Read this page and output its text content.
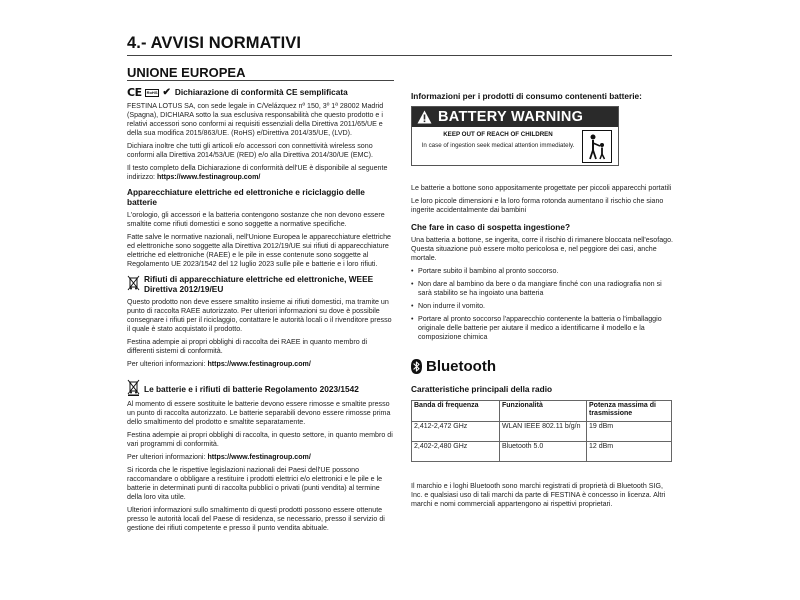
4.- AVVISI NORMATIVI
UNIONE EUROPEA
CE	RoHS ✔ Dichiarazione di conformità CE semplificata

FESTINA LOTUS SA, con sede legale in C/Velázquez nº 150, 3º 1ª 28002 Madrid (Spagna), DICHIARA sotto la sua esclusiva responsabilità che questo prodotto e i relativi accessori sono conformi ai requisiti essenziali della Direttiva 2011/65/UE e della sua modifica 2015/863/UE. (RoHS) e/Direttiva 2014/35/UE, (LVD).

Dichiara inoltre che tutti gli articoli e/o accessori con connettività wireless sono conformi alla Direttiva 2014/53/UE (RED) e/o alla Direttiva 2014/30/UE (EMC).

Il testo completo della Dichiarazione di conformità dell'UE è disponibile al seguente indirizzo: https://www.festinagroup.com/

Apparecchiature elettriche ed elettroniche e riciclaggio delle batterie

L'orologio, gli accessori e la batteria contengono sostanze che non devono essere smaltite come rifiuti domestici e sono soggette a normative specifiche.

Fatte salve le normative nazionali, nell'Unione Europea le apparecchiature elettriche ed elettroniche sono soggette alla Direttiva 2012/19/UE sui rifiuti di apparecchiature elettriche ed elettroniche (RAEE) e le pile in esse contenute sono soggette al Regolamento UE 2023/1542 del 12 luglio 2023 sulle pile e batterie e i loro rifiuti.

Rifiuti di apparecchiature elettriche ed elettroniche, WEEE Direttiva 2012/19/EU

Questo prodotto non deve essere smaltito insieme ai rifiuti domestici, ma tramite un punto di raccolta RAEE autorizzato. Per ulteriori informazioni su dove è possibile consegnare i rifiuti per il riciclaggio, contattare le autorità locali o il rivenditore presso il quale è stato acquistato il prodotto.

Festina adempie ai propri obblighi di raccolta dei RAEE in quanto membro di differenti sistemi di conformità.

Per ulteriori informazioni: https://www.festinagroup.com/

Le batterie e i rifiuti di batterie Regolamento 2023/1542

Al momento di essere sostituite le batterie devono essere rimosse e smaltite presso un punto di raccolta autorizzato. Le batterie separabili devono essere rimosse prima dello smaltimento del prodotto e smaltite separatamente.

Festina adempie ai propri obblighi di raccolta, in questo settore, in quanto membro di vari programmi di conformità.

Per ulteriori informazioni: https://www.festinagroup.com/

Si ricorda che le rispettive legislazioni nazionali dei Paesi dell'UE possono raccomandare o obbligare a restituire i prodotti elettrici e/o elettronici e le pile e le batterie in determinati punti di raccolta pubblici o privati (punti vendita) al termine della loro vita utile.

Ulteriori informazioni sullo smaltimento di questi prodotti possono essere ottenute presso le autorità locali del Paese di residenza, se necessario, presso il servizio di gestione dei rifiuti competente e presso il punto vendita abituale.

Informazioni per i prodotti di consumo contenenti batterie:
BATTERY WARNING
KEEP OUT OF REACH OF CHILDREN
In case of ingestion seek medical attention immediately.

Le batterie a bottone sono appositamente progettate per piccoli apparecchi portatili

Le loro piccole dimensioni e la loro forma rotonda aumentano il rischio che siano ingerite accidentalmente dai bambini

Che fare in caso di sospetta ingestione?

Una batteria a bottone, se ingerita, corre il rischio di rimanere bloccata nell'esofago. Questa situazione può essere molto pericolosa e, nel peggiore dei casi, anche mortale.

• Portare subito il bambino al pronto soccorso.
• Non dare al bambino da bere o da mangiare finché con una radiografia non si sarà stabilito se ha ingoiato una batteria
• Non indurre il vomito.
• Portare al pronto soccorso l'apparecchio contenente la batteria o l'imballaggio originale delle batterie per aiutare il medico a identificarne il modello e la composizione chimica
Bluetooth
Caratteristiche principali della radio
Banda di frequenza	Funzionalità	Potenza massima di trasmissione
2,412-2,472 GHz	WLAN IEEE 802.11 b/g/n	19 dBm
2,402-2,480 GHz	Bluetooth 5.0	12 dBm

Il marchio e i loghi Bluetooth sono marchi registrati di proprietà di Bluetooth SIG, Inc. e qualsiasi uso di tali marchi da parte di FESTINA è concesso in licenza. Altri marchi e nomi commerciali appartengono ai rispettivi proprietari.
